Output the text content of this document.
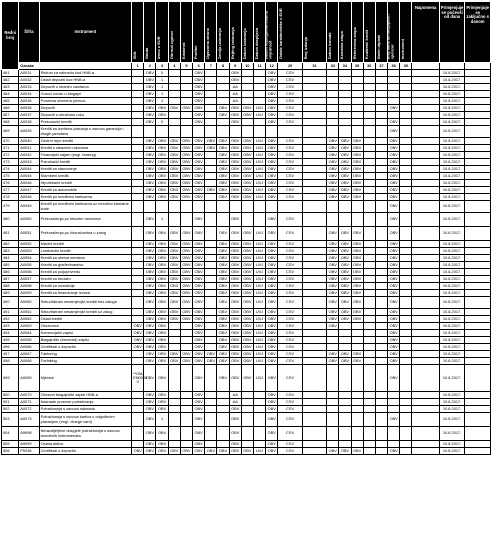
Redni broj	Šifra	Instrument	ISIN	Valuta	Iznos u EUR	Obrnuti ugovor	Kolateral	Profitni	Ugovorna strana	Zemlja izdavanja	Rejting izdavanja	Datum izdavanja	Datum dospijeća	Datum rejtinga/Nominalna vrijednost	Ostale karakteristike u EUR	Broj izdanja	Datum kamata	Kamatna stopa	Referentna stopa	Kvalitetni kredit	Način otplate	Broj dana od dospijeća i sponzor	Instrument	Napomena	Primjenjuje se počevši od dana	Primjenjuje se zaključno s danom
	Oznaka		1	2	3	4	5	6	7	8	9	10	11	12	29	31	33	34	35	36	37	38	39			
461	A0031	Računi za naknadu kod HNB-a		OBV	0			OBV			OBV			OBV	CSV										10.8.2017.	
462	A0032	Ostali depoziti kod HNB-a		OBV	1			OBV			OBV			OBV	CSV										10.8.2017.	
463	A0033	Depoziti u stranim valutama		OBV	1			OBV			AA			OBV	CSV										10.8.2017.	
464	A0034	Gotovi novac u blagajni		OBV	1			OBV			AA			OBV	CSV										10.8.2017.	
465	A0035	Posebna obvezna pričuva		OBV	1			OBV			AA			OBV	CSV										10.8.2017.	
466	A0036	Depoziti		OBV	OBV	OBV	OBV	OBV		OBV	OBV	OBV	UVJ	OBV	CSV							OBV			10.8.2017.	
467	A0037	Depoziti u obračunu roku		OBV	OBV			OBV		OBV	OBV	OBV	UVJ	OBV	CSV										10.8.2017.	
468	A0038	Prekonoćni krediti		OBV	0			OBV			OBV			OBV	CSV							OBV			10.8.2017.	
469	A0039	Krediti za izvršena plaćanja s osnova garancija i drugih jamstava																				OBV			10.8.2017.	
470	A0040	Okvirni repo krediti		OBV	OBV	OBV	OBV	OBV	OBV	OBV	OBV	OBV	UVJ	OBV	CSV		OBV	OBV	OBV			OBV			10.8.2017.	
471	A0041	Krediti s otkaznim rokovima		OBV	OBV	OBV	OBV	OBV	OBV	OBV	OBV	OBV	UVJ	OBV	CSV		OBV	OBV	OBV			OBV			10.8.2017.	
472	A0042	Financijski najam (engl. leasing)		OBV	OBV	OBV	OBV	OBV		OBV	OBV	OBV	UVJ	OBV	CSV		OBV	OBV	OBV			OBV			10.8.2017.	
473	A0043	Potrošački krediti		OBV	OBV	OBV	OBV	OBV		OBV	OBV	OBV	UVJ	OBV	CSV		OBV	OBV	OBV			OBV			10.8.2017.	
474	A0044	Krediti za stanovanje		OBV	OBV	OBV	OBV	OBV		OBV	OBV	OBV	UVJ	OBV	CSV		OBV	OBV	OBV			OBV			10.8.2017.	
475	A0045	Stambeni krediti		OBV	OBV	OBV	OBV	OBV		OBV	OBV	OBV	UVJ	OBV	CSV		OBV	OBV	OBV			OBV			10.8.2017.	
476	A0046	Hipotekarni krediti		OBV	OBV	OBV	OBV	OBV		OBV	OBV	OBV	UVJ	OBV	CSV		OBV	OBV	OBV			OBV			10.8.2017.	
477	A0047	Krediti za automobile		OBV	OBV	OBV	OBV	OBV	OBV	OBV	OBV	OBV	UVJ	OBV	CSV		OBV	OBV	OBV			OBV			10.8.2017.	
478	A0048	Krediti po kreditnim karticama		OBV	OBV	OBV	OBV	OBV		OBV	OBV	OBV	UVJ	OBV	CSV		OBV	OBV	OBV			OBV			10.8.2017.	
479	A0049	Krediti po kreditnim karticama uz mnoštvo kamatne kode																				OBV			10.8.2017.	
480	A0050	Prekoračenja po tekućim računima		OBV	1			OBV			OBV			OBV	CSV							OBV			10.8.2017.	
481	A0051	Prekoračenja po žiroračunima u zalog		OBV	OBV	OBV	OBV	OBV		OBV	OBV	OBV	UVJ	OBV	CSV		OBV	OBV	OBV			OBV			10.8.2017.	
482	A0052	Maržni krediti		OBV	OBV	OBV	OBV	OBV		OBV	OBV	OBV	UVJ	OBV	CSV		OBV	OBV	OBV			OBV			10.8.2017.	
483	A0053	Lombardni krediti		OBV	OBV	OBV	OBV	OBV		OBV	OBV	OBV	UVJ	OBV	CSV		OBV	OBV	OBV			OBV			10.8.2017.	
484	A0054	Krediti za obrtna sredstva		OBV	OBV	OBV	OBV	OBV		OBV	OBV	OBV	UVJ	OBV	CSV		OBV	OBV	OBV			OBV			10.8.2017.	
485	A0055	Krediti za građevinarstvo		OBV	OBV	OBV	OBV	OBV		OBV	OBV	OBV	UVJ	OBV	CSV		OBV	OBV	OBV			OBV			10.8.2017.	
486	A0056	Krediti za poljoprivredu		OBV	OBV	OBV	OBV	OBV		OBV	OBV	OBV	UVJ	OBV	CSV		OBV	OBV	OBV			OBV			10.8.2017.	
487	A0057	Krediti za turizam		OBV	OBV	OBV	OBV	OBV		OBV	OBV	OBV	UVJ	OBV	CSV		OBV	OBV	OBV			OBV			10.8.2017.	
488	A0058	Krediti za investicije		OBV	OBV	OBV	OBV	OBV		OBV	OBV	OBV	UVJ	OBV	CSV		OBV	OBV	OBV			OBV			10.8.2017.	
489	A0059	Krediti za financiranje izvoza		OBV	OBV	OBV	OBV	OBV		OBV	OBV	OBV	UVJ	OBV	CSV		OBV	OBV	OBV			OBV			10.8.2017.	
490	A0060	Sekuritizirani nesamjenjivi krediti bez zaloga		OBV	OBV	OBV	OBV	OBV		OBV	OBV	OBV	UVJ	OBV	CSV		OBV	OBV	OBV			OBV			10.8.2017.	
491	A0061	Sekuritizirani nesamjenjivi krediti uz zalog		OBV	OBV	OBV	OBV	OBV		OBV	OBV	OBV	UVJ	OBV	CSV		OBV	OBV	OBV			OBV			10.8.2017.	
492	A0062	Ostali krediti		OBV	OBV	OBV	OBV	OBV		OBV	OBV	OBV	UVJ	OBV	CSV		OBV	OBV	OBV			OBV			10.8.2017.	
493	A0063	Obveznice	OBV	OBV	OBV			OBV		OBV	OBV	OBV	UVJ	OBV	CSV		OBV					OBV			10.8.2017.	
494	A0064	Komercijalni zapisi	OBV	OBV	OBV			OBV		OBV	OBV	OBV	UVJ	OBV	CSV							OBV			10.8.2017.	
495	A0065	Blagajnički (trezorski) zapisi	OBV	OBV	OBV			OBV		OBV	OBV	OBV	UVJ	OBV	CSV							OBV			10.8.2017.	
496	A0066	Certifikati o depozitu	OBV	OBV	OBV			OBV		OBV	OBV	OBV	UVJ	OBV	CSV							OBV			10.8.2017.	
497	A0067	Faktoring		OBV	OBV	OBV	OBV	OBV	OBV	OBV	OBV	OBV	UVJ	OBV	CSV		OBV	OBV	OBV			OBV			10.8.2017.	
498	A0068	Forfaiting		OBV	OBV	OBV	OBV	OBV	OBV	OBV	OBV	OBV	UVJ	OBV	CSV		OBV	OBV	OBV			OBV			10.8.2017.	
499	A0069	Mjenice	**OMJ EN0000 0	OBV	OBV			OBV		OBV	OBV	OBV	UVJ	OBV	CSV							OBV			10.8.2017.	
500	A0070	Obvezni blagajnički zapisi HNB-a		OBV	OBV			OBV			AA			OBV	CSV										10.8.2017.	
501	A0071	Naknade porezne potraživanja		OBV	OBV			OBV			AA			OBV	CSV										10.8.2017.	
502	A0072	Potraživanja s osnova naknada		OBV	OBV			OBV			OBV			OBV	CSV										10.8.2017.	
503	A0073	Potraživanja s osnova kartica s odgođenim plaćanjem (engl. charge card)		OBV	1			OBV			OBV			OBV	CSV							OBV			10.8.2017.	
504	A9998	Nerazdijeljene dospjele potraživanja s osnova izvedenih instrumenata		OBV	OBV			OBV			OBV			OBV	CSV										10.8.2017.	
505	A9999	Ostala aktiva		OBV	OBV			OBV			OBV			OBV	CSV										10.8.2017.	
506	P0036	Certifikati o depozitu	OBV	OBV	OBV	OBV	OBV	OBV	OBV	OBV	OBV	OBV	UVJ	OBV	CSV		OBV	OBV	OBV			OBV			10.8.2017.	
